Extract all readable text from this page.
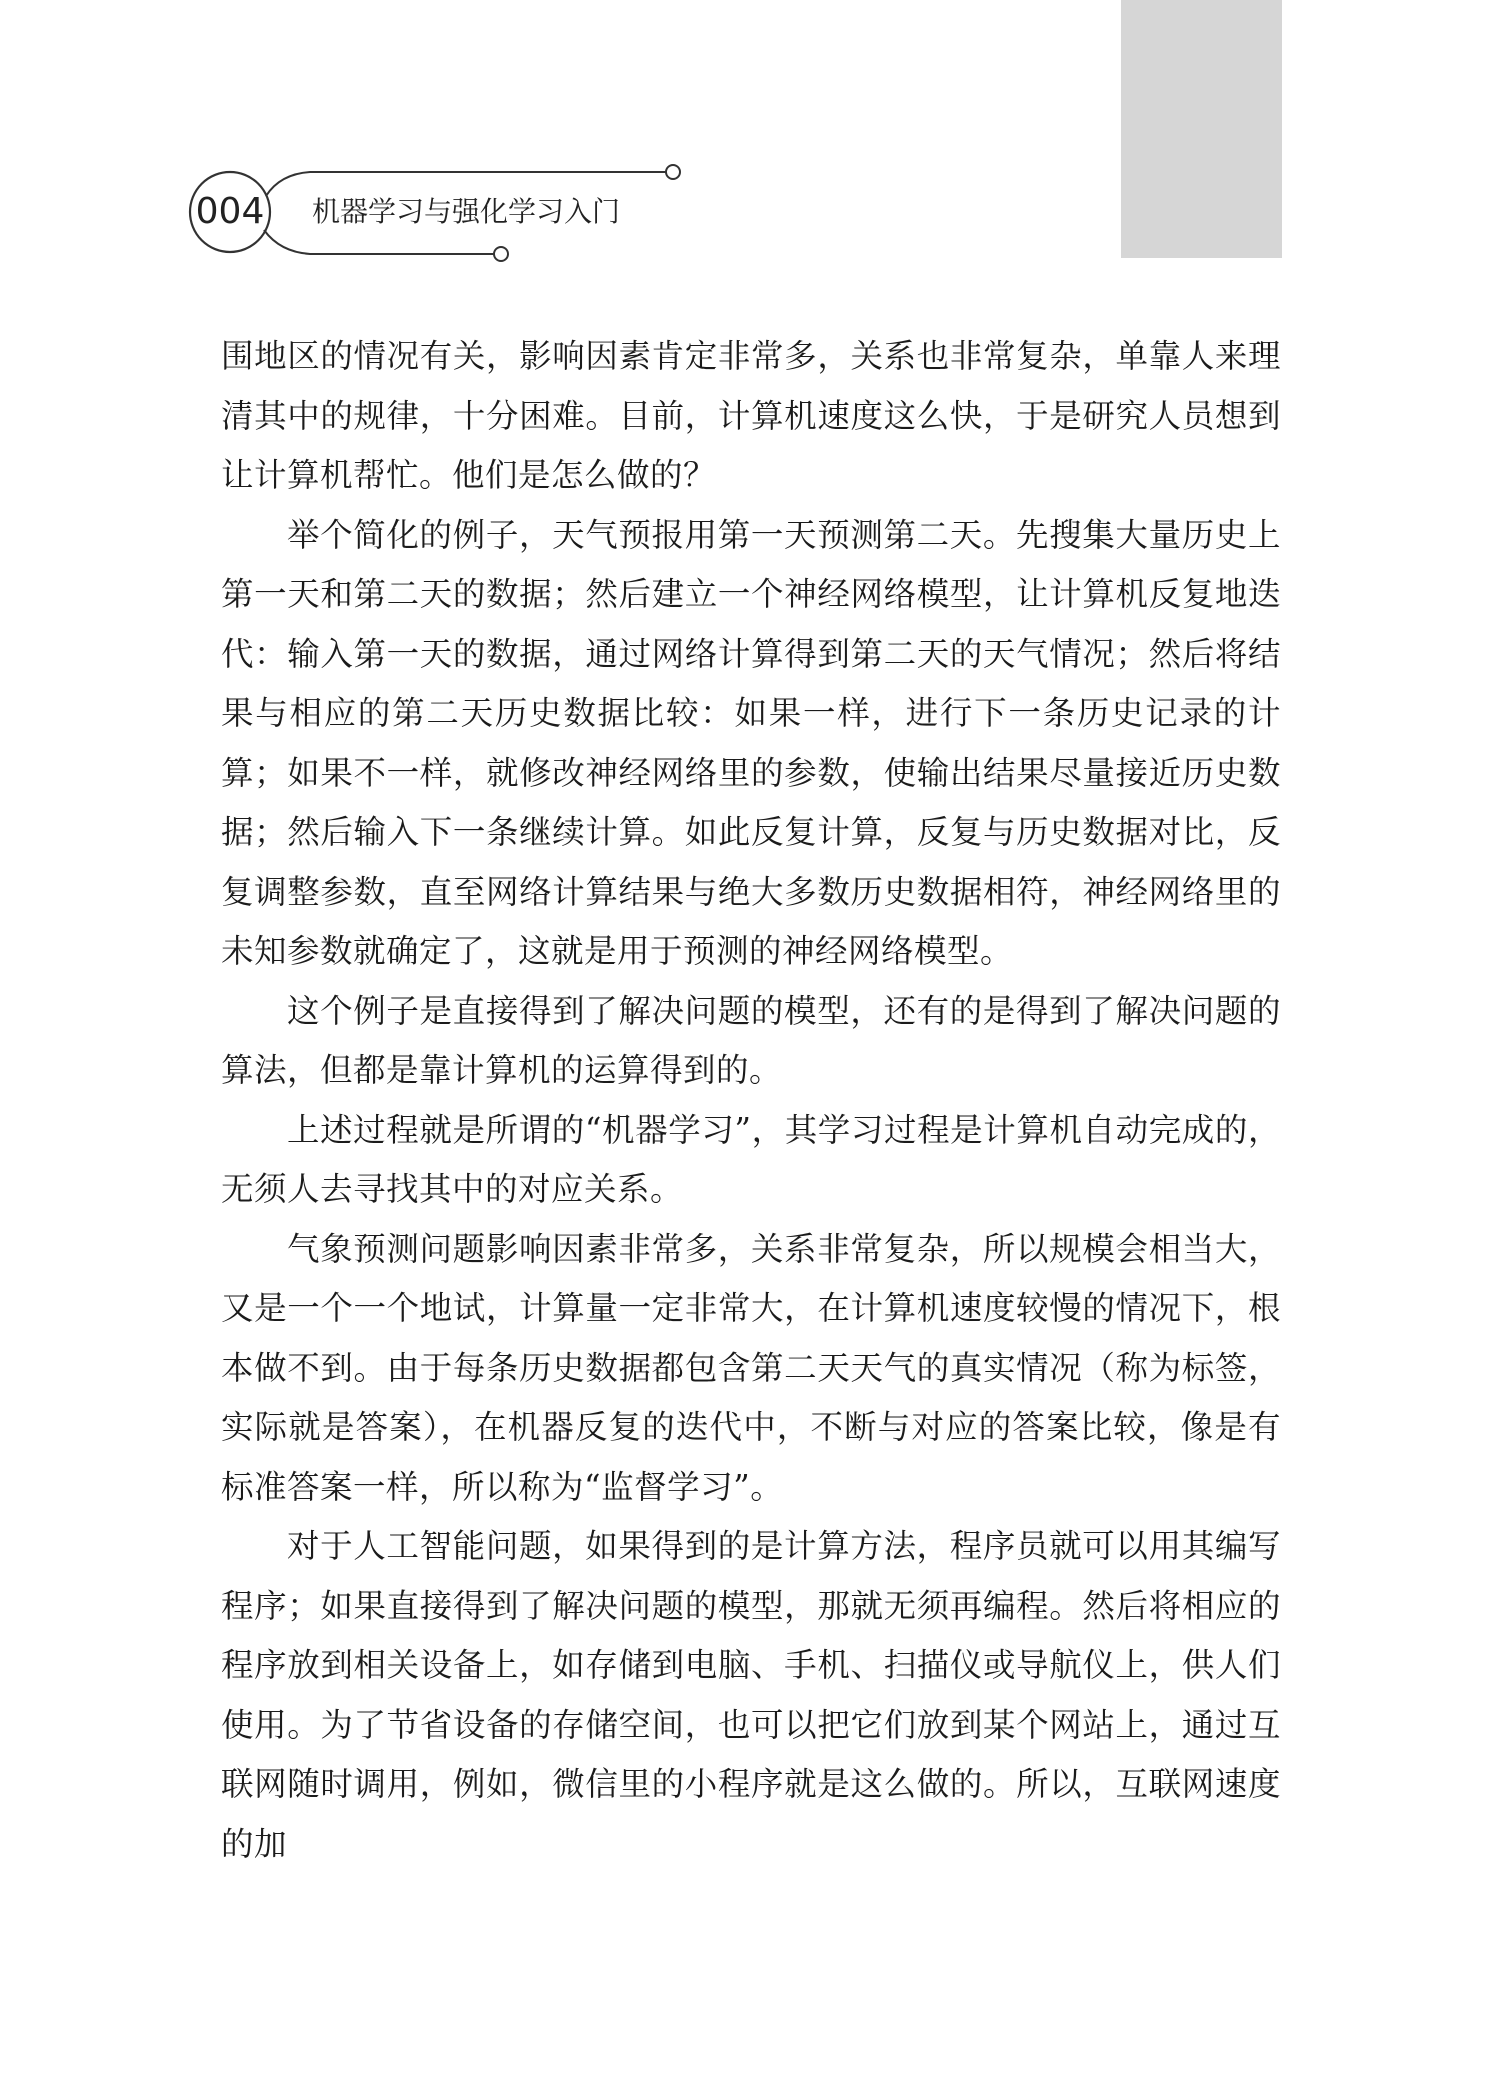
004 机器学习与强化学习入门

围地区的情况有关，影响因素肯定非常多，关系也非常复杂，单靠人来理清其中的规律，十分困难。目前，计算机速度这么快，于是研究人员想到让计算机帮忙。他们是怎么做的？

举个简化的例子，天气预报用第一天预测第二天。先搜集大量历史上第一天和第二天的数据；然后建立一个神经网络模型，让计算机反复地迭代：输入第一天的数据，通过网络计算得到第二天的天气情况；然后将结果与相应的第二天历史数据比较：如果一样，进行下一条历史记录的计算；如果不一样，就修改神经网络里的参数，使输出结果尽量接近历史数据；然后输入下一条继续计算。如此反复计算，反复与历史数据对比，反复调整参数，直至网络计算结果与绝大多数历史数据相符，神经网络里的未知参数就确定了，这就是用于预测的神经网络模型。

这个例子是直接得到了解决问题的模型，还有的是得到了解决问题的算法，但都是靠计算机的运算得到的。

上述过程就是所谓的“机器学习”，其学习过程是计算机自动完成的，无须人去寻找其中的对应关系。

气象预测问题影响因素非常多，关系非常复杂，所以规模会相当大，又是一个一个地试，计算量一定非常大，在计算机速度较慢的情况下，根本做不到。由于每条历史数据都包含第二天天气的真实情况（称为标签，实际就是答案），在机器反复的迭代中，不断与对应的答案比较，像是有标准答案一样，所以称为“监督学习”。

对于人工智能问题，如果得到的是计算方法，程序员就可以用其编写程序；如果直接得到了解决问题的模型，那就无须再编程。然后将相应的程序放到相关设备上，如存储到电脑、手机、扫描仪或导航仪上，供人们使用。为了节省设备的存储空间，也可以把它们放到某个网站上，通过互联网随时调用，例如，微信里的小程序就是这么做的。所以，互联网速度的加
